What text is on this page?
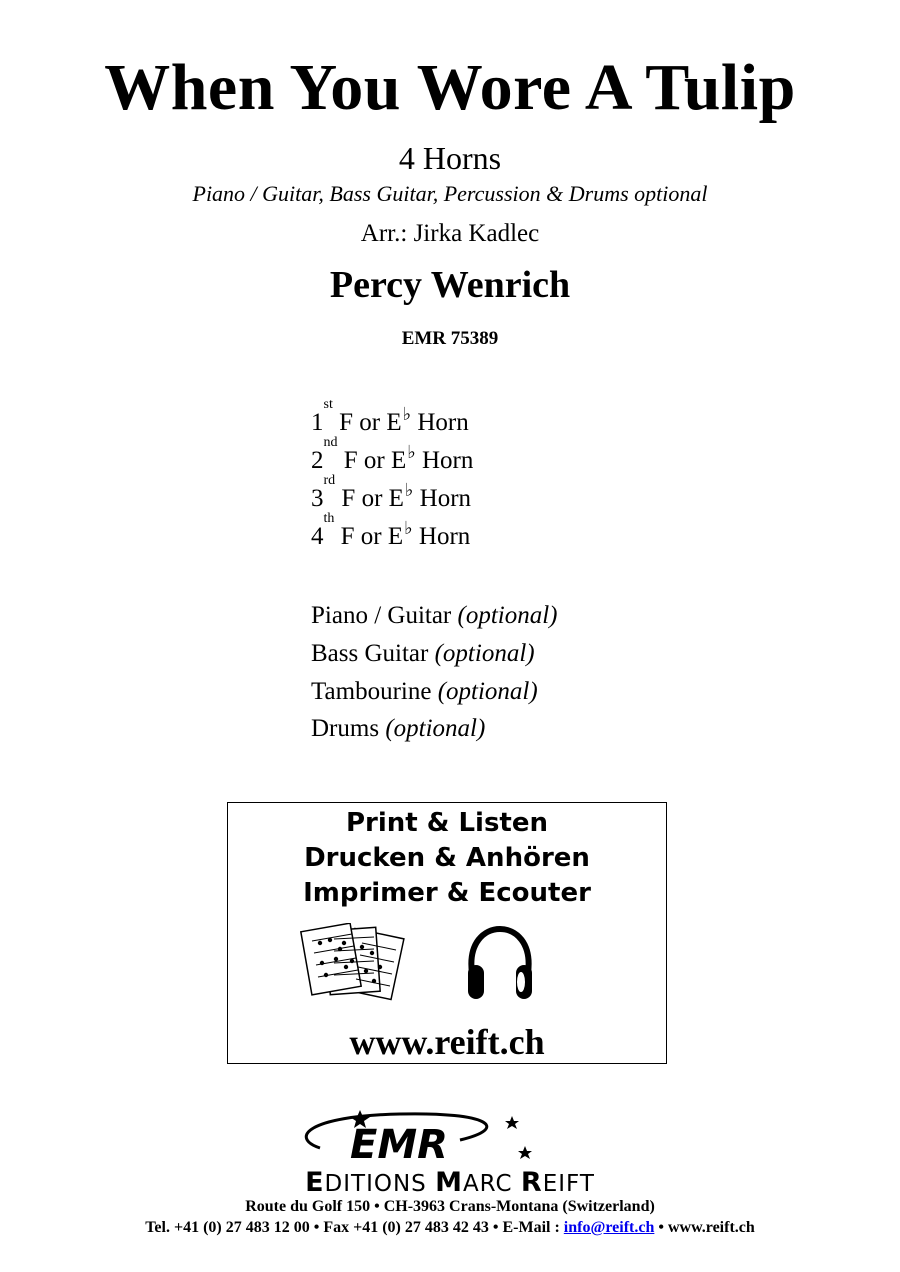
When You Wore A Tulip
4 Horns
Piano / Guitar, Bass Guitar, Percussion & Drums optional
Arr.: Jirka Kadlec
Percy Wenrich
EMR 75389
1st F or E♭ Horn
2nd F or E♭ Horn
3rd F or E♭ Horn
4th F or E♭ Horn
Piano / Guitar (optional)
Bass Guitar (optional)
Tambourine (optional)
Drums (optional)
Print & Listen
Drucken & Anhören
Imprimer & Ecouter
www.reift.ch
EMR
EDITIONS MARC REIFT
Route du Golf 150 • CH-3963 Crans-Montana (Switzerland)
Tel. +41 (0) 27 483 12 00 • Fax +41 (0) 27 483 42 43 • E-Mail : info@reift.ch • www.reift.ch
